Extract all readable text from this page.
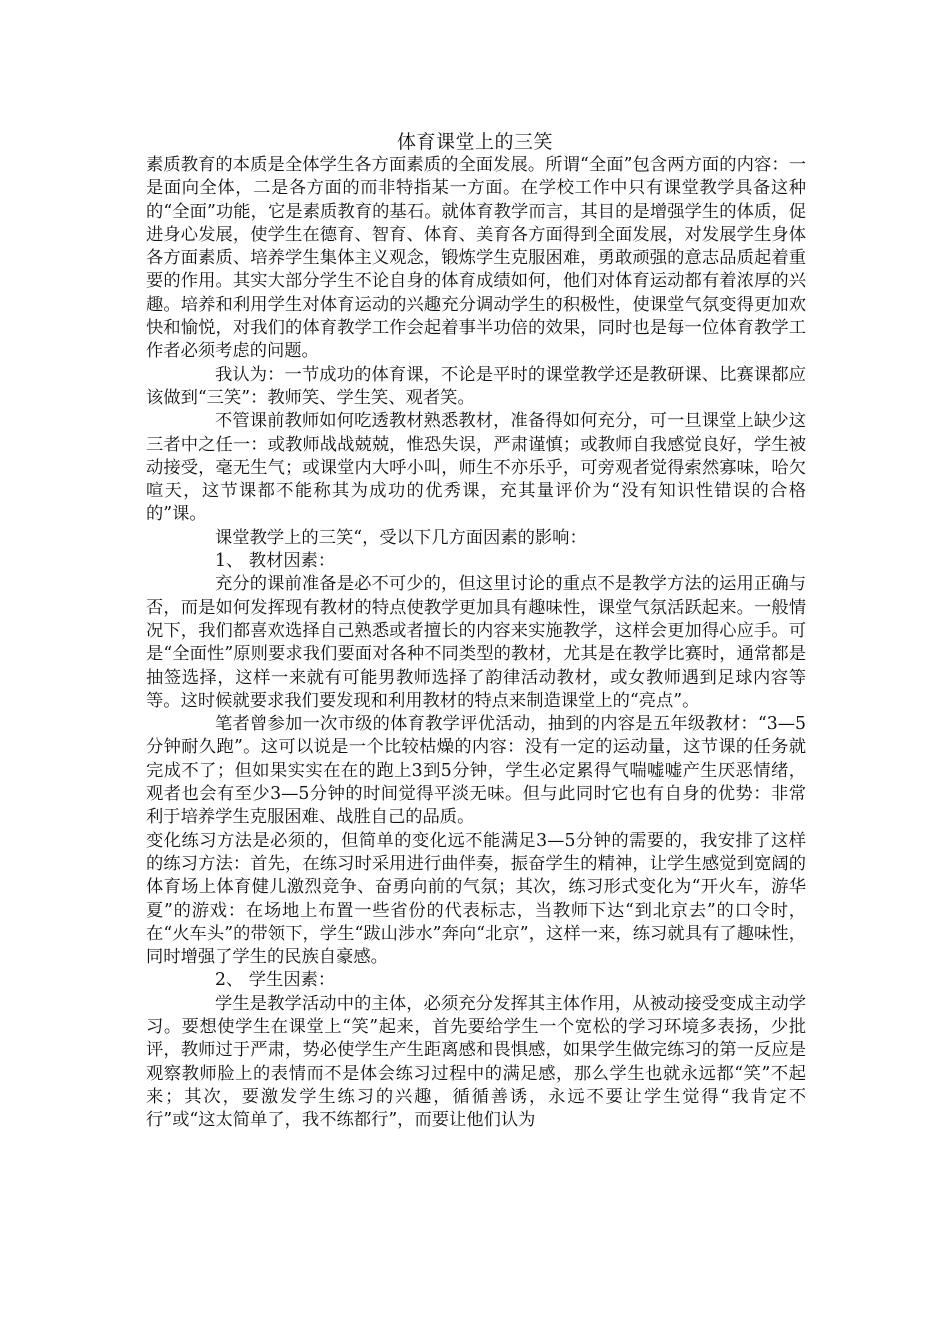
体育课堂上的三笑

素质教育的本质是全体学生各方面素质的全面发展。所谓“全面”包含两方面的内容：一是面向全体，二是各方面的而非特指某一方面。在学校工作中只有课堂教学具备这种的“全面”功能，它是素质教育的基石。就体育教学而言，其目的是增强学生的体质，促进身心发展，使学生在德育、智育、体育、美育各方面得到全面发展，对发展学生身体各方面素质、培养学生集体主义观念，锻炼学生克服困难，勇敢顽强的意志品质起着重要的作用。其实大部分学生不论自身的体育成绩如何，他们对体育运动都有着浓厚的兴趣。培养和利用学生对体育运动的兴趣充分调动学生的积极性，使课堂气氛变得更加欢快和愉悦，对我们的体育教学工作会起着事半功倍的效果，同时也是每一位体育教学工作者必须考虑的问题。

我认为：一节成功的体育课，不论是平时的课堂教学还是教研课、比赛课都应该做到“三笑”：教师笑、学生笑、观者笑。

不管课前教师如何吃透教材熟悉教材，准备得如何充分，可一旦课堂上缺少这三者中之任一：或教师战战兢兢，惟恐失误，严肃谨慎；或教师自我感觉良好，学生被动接受，毫无生气；或课堂内大呼小叫，师生不亦乐乎，可旁观者觉得索然寡味，哈欠喧天，这节课都不能称其为成功的优秀课，充其量评价为“没有知识性错误的合格的”课。

课堂教学上的三笑“，受以下几方面因素的影响：

1、 教材因素：

充分的课前准备是必不可少的，但这里讨论的重点不是教学方法的运用正确与否，而是如何发挥现有教材的特点使教学更加具有趣味性，课堂气氛活跃起来。一般情况下，我们都喜欢选择自己熟悉或者擅长的内容来实施教学，这样会更加得心应手。可是“全面性”原则要求我们要面对各种不同类型的教材，尤其是在教学比赛时，通常都是抽签选择，这样一来就有可能男教师选择了韵律活动教材，或女教师遇到足球内容等等。这时候就要求我们要发现和利用教材的特点来制造课堂上的“亮点”。

笔者曾参加一次市级的体育教学评优活动，抽到的内容是五年级教材：“3—5分钟耐久跑”。这可以说是一个比较枯燥的内容：没有一定的运动量，这节课的任务就完成不了；但如果实实在在的跑上3到5分钟，学生必定累得气喘嘘嘘产生厌恶情绪，观者也会有至少3—5分钟的时间觉得平淡无味。但与此同时它也有自身的优势：非常利于培养学生克服困难、战胜自己的品质。

变化练习方法是必须的，但简单的变化远不能满足3—5分钟的需要的，我安排了这样的练习方法：首先，在练习时采用进行曲伴奏，振奋学生的精神，让学生感觉到宽阔的体育场上体育健儿激烈竞争、奋勇向前的气氛；其次，练习形式变化为“开火车，游华夏”的游戏：在场地上布置一些省份的代表标志，当教师下达“到北京去”的口令时，在“火车头”的带领下，学生“跋山涉水”奔向“北京”，这样一来，练习就具有了趣味性，同时增强了学生的民族自豪感。

2、 学生因素：

学生是教学活动中的主体，必须充分发挥其主体作用，从被动接受变成主动学习。要想使学生在课堂上“笑”起来，首先要给学生一个宽松的学习环境多表扬，少批评，教师过于严肃，势必使学生产生距离感和畏惧感，如果学生做完练习的第一反应是观察教师脸上的表情而不是体会练习过程中的满足感，那么学生也就永远都“笑”不起来；其次，要激发学生练习的兴趣，循循善诱，永远不要让学生觉得“我肯定不行”或“这太简单了，我不练都行”，而要让他们认为
